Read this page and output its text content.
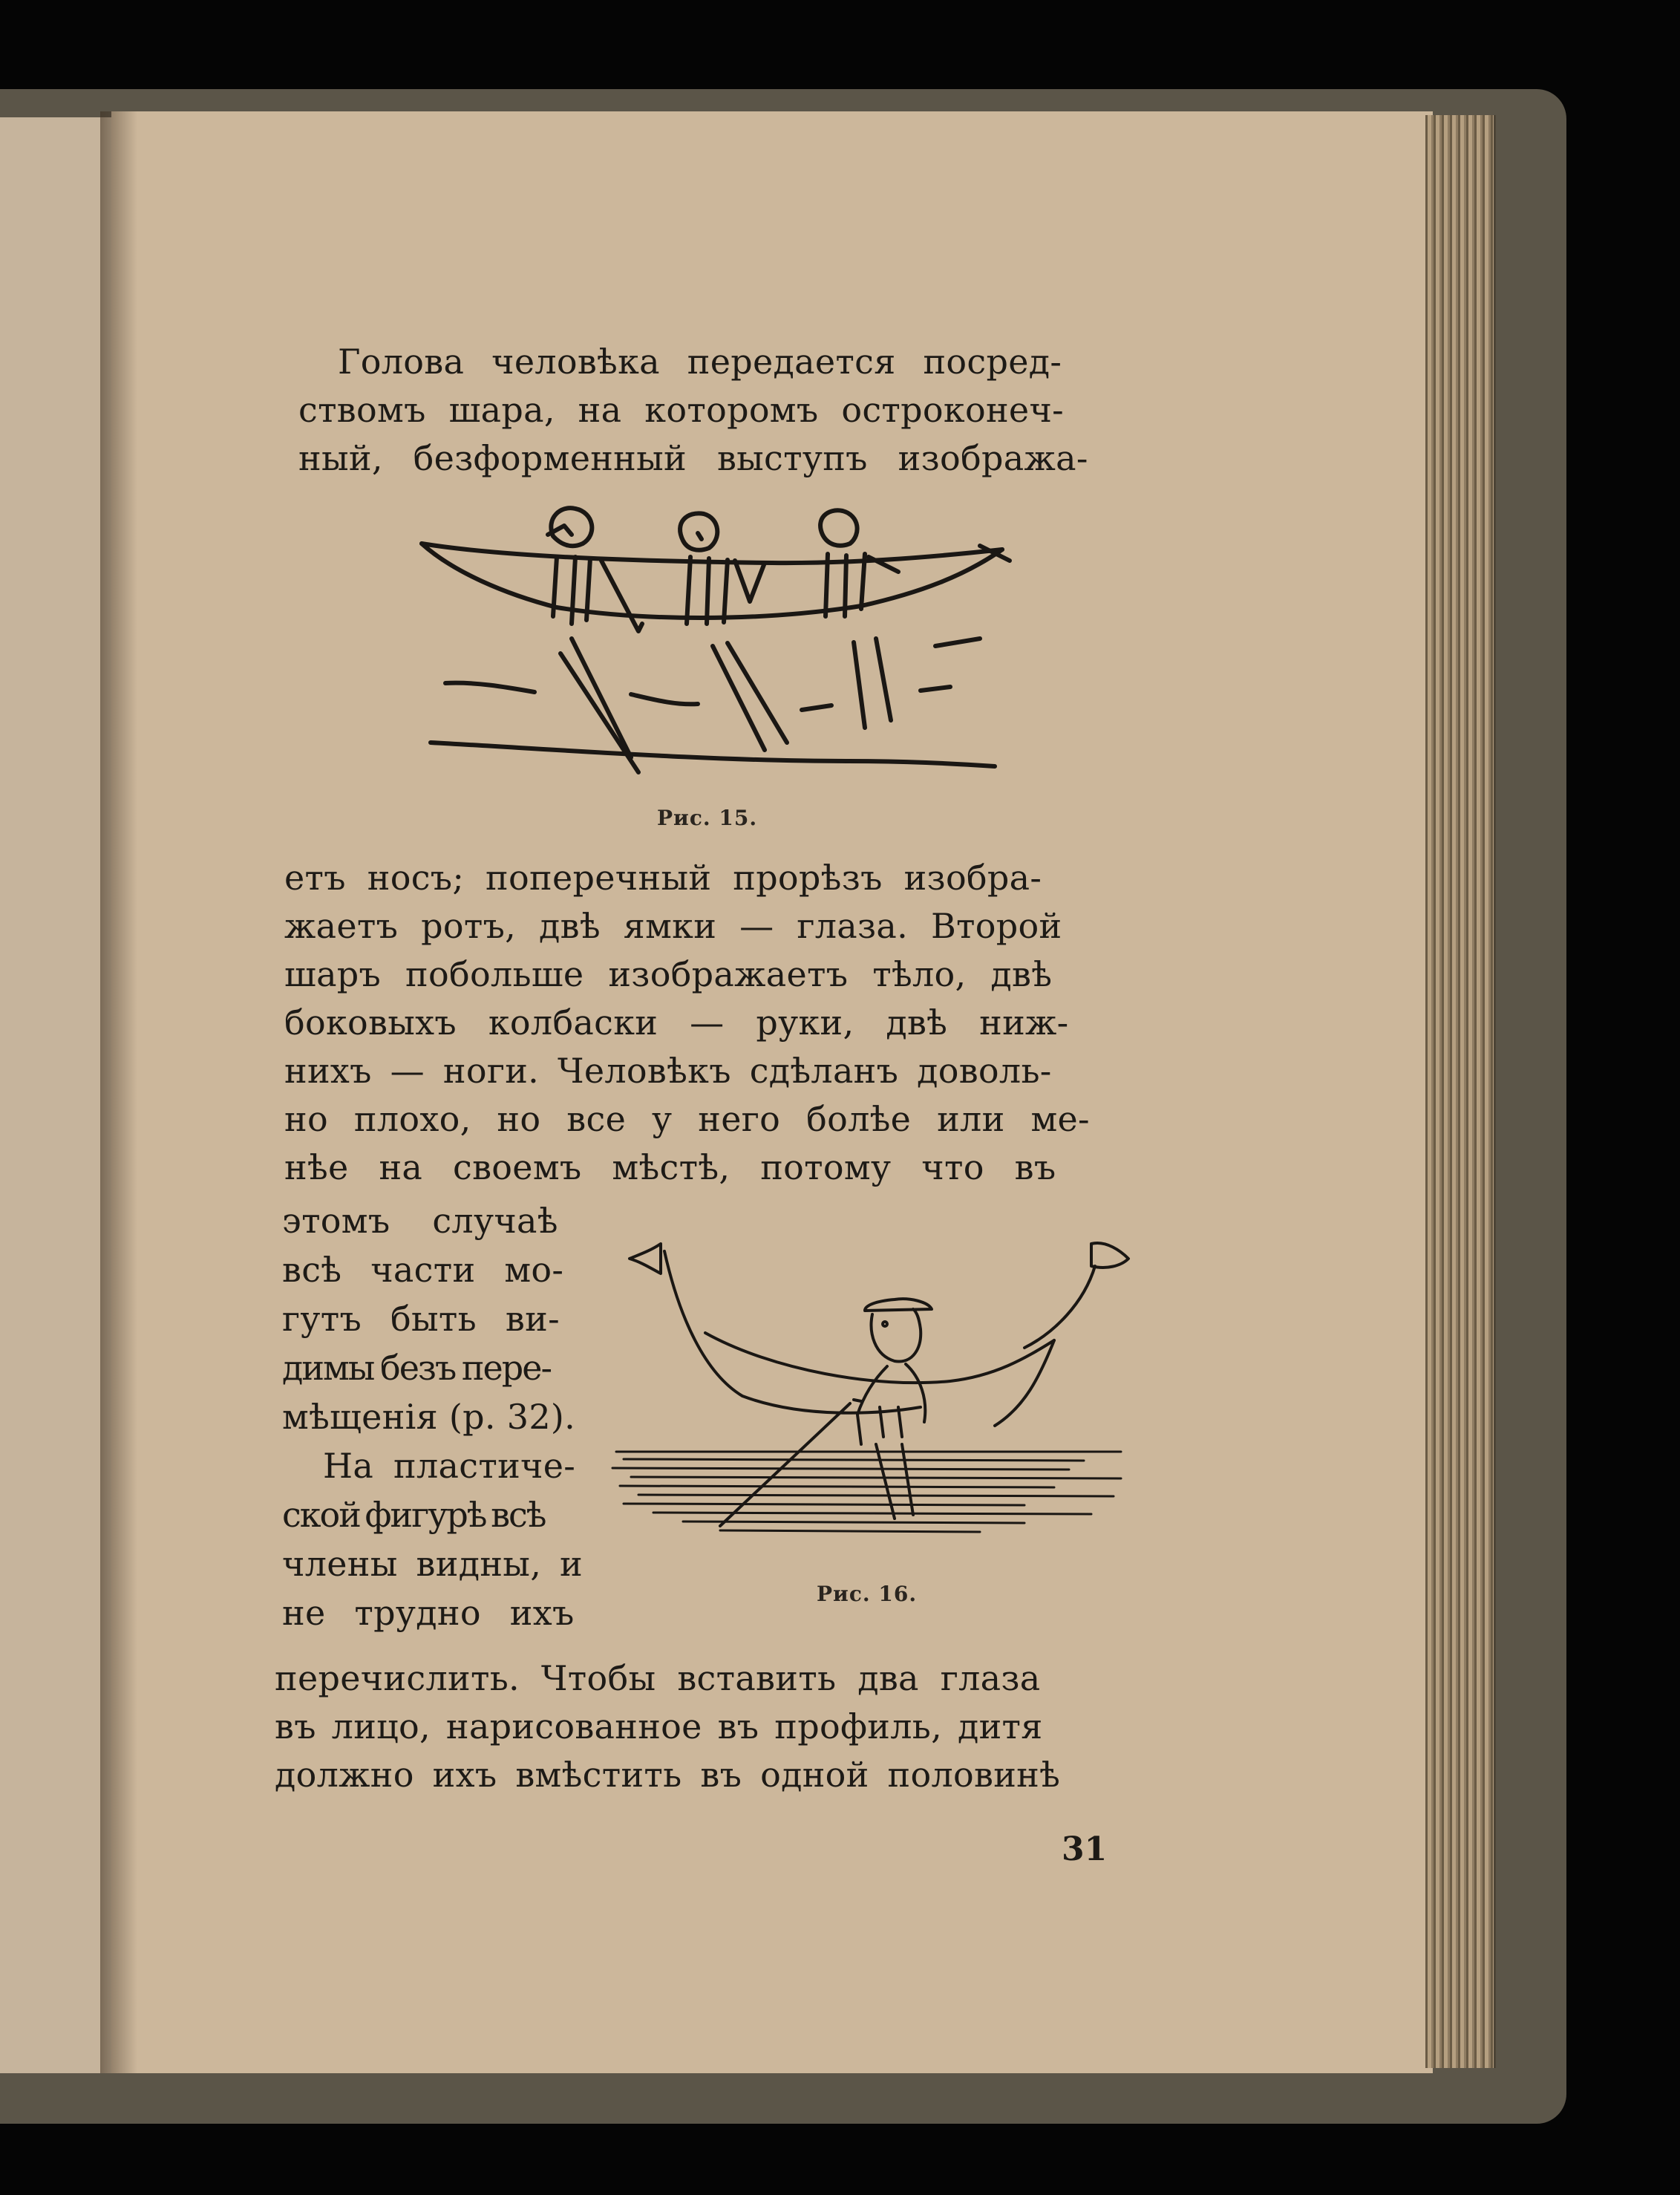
Голова человѣка передается посред-

ствомъ шара, на которомъ остроконеч-

ный, безформенный выступъ изобража-

Рис. 15.

етъ носъ; поперечный прорѣзъ изобра-

жаетъ ротъ, двѣ ямки — глаза. Второй

шаръ побольше изображаетъ тѣло, двѣ

боковыхъ колбаски — руки, двѣ ниж-

нихъ — ноги. Человѣкъ сдѣланъ доволь-

но плохо, но все у него болѣе или ме-

нѣе на своемъ мѣстѣ, потому что въ

этомъ случаѣ

всѣ части мо-

гутъ быть ви-

димы безъ пере-

мѣщенія (р. 32).

На пластиче-

ской фигурѣ всѣ

члены видны, и

не трудно ихъ	Рис. 16.

перечислить. Чтобы вставить два глаза

въ лицо, нарисованное въ профиль, дитя

должно ихъ вмѣстить въ одной половинѣ

31
